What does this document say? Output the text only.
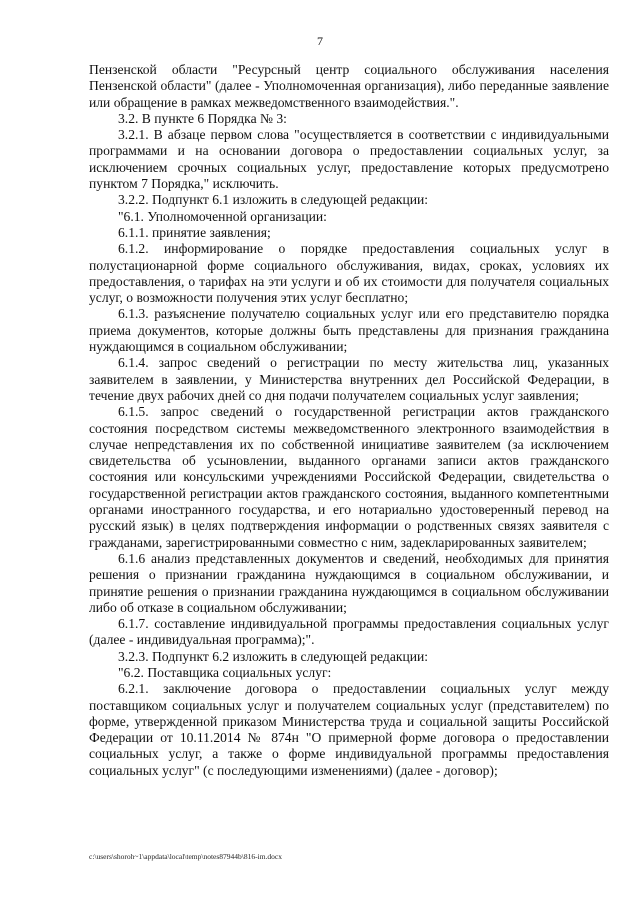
7

Пензенской области "Ресурсный центр социального обслуживания населения Пензенской области" (далее - Уполномоченная организация), либо переданные заявление или обращение в рамках межведомственного взаимодействия.".

3.2. В пункте 6 Порядка № 3:

3.2.1. В абзаце первом слова "осуществляется в соответствии с индивидуальными программами и на основании договора о предоставлении социальных услуг, за исключением срочных социальных услуг, предоставление которых предусмотрено пунктом 7 Порядка," исключить.

3.2.2. Подпункт 6.1 изложить в следующей редакции:

"6.1. Уполномоченной организации:

6.1.1. принятие заявления;

6.1.2. информирование о порядке предоставления социальных услуг в полустационарной форме социального обслуживания, видах, сроках, условиях их предоставления, о тарифах на эти услуги и об их стоимости для получателя социальных услуг, о возможности получения этих услуг бесплатно;

6.1.3. разъяснение получателю социальных услуг или его представителю порядка приема документов, которые должны быть представлены для признания гражданина нуждающимся в социальном обслуживании;

6.1.4. запрос сведений о регистрации по месту жительства лиц, указанных заявителем в заявлении, у Министерства внутренних дел Российской Федерации, в течение двух рабочих дней со дня подачи получателем социальных услуг заявления;

6.1.5. запрос сведений о государственной регистрации актов гражданского состояния посредством системы межведомственного электронного взаимодействия в случае непредставления их по собственной инициативе заявителем (за исключением свидетельства об усыновлении, выданного органами записи актов гражданского состояния или консульскими учреждениями Российской Федерации, свидетельства о государственной регистрации актов гражданского состояния, выданного компетентными органами иностранного государства, и его нотариально удостоверенный перевод на русский язык) в целях подтверждения информации о родственных связях заявителя с гражданами, зарегистрированными совместно с ним, задекларированных заявителем;

6.1.6 анализ представленных документов и сведений, необходимых для принятия решения о признании гражданина нуждающимся в социальном обслуживании, и принятие решения о признании гражданина нуждающимся в социальном обслуживании либо об отказе в социальном обслуживании;

6.1.7. составление индивидуальной программы предоставления социальных услуг (далее - индивидуальная программа);".

3.2.3. Подпункт 6.2 изложить в следующей редакции:

"6.2. Поставщика социальных услуг:

6.2.1. заключение договора о предоставлении социальных услуг между поставщиком социальных услуг и получателем социальных услуг (представителем) по форме, утвержденной приказом Министерства труда и социальной защиты Российской Федерации от 10.11.2014 № 874н "О примерной форме договора о предоставлении социальных услуг, а также о форме индивидуальной программы предоставления социальных услуг" (с последующими изменениями) (далее - договор);

c:\users\shoroh~1\appdata\local\temp\notes87944b\816-im.docx
